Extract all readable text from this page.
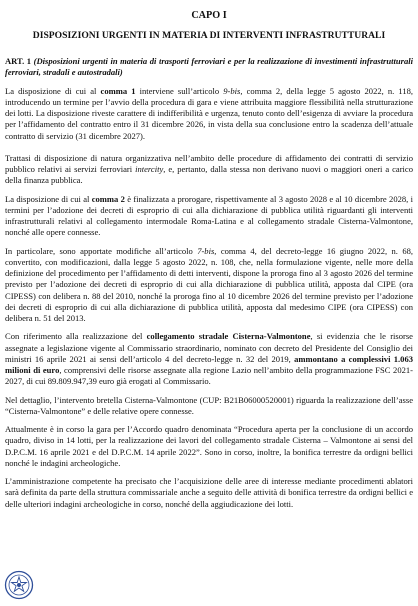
CAPO I
DISPOSIZIONI URGENTI IN MATERIA DI INTERVENTI INFRASTRUTTURALI

ART. 1 (Disposizioni urgenti in materia di trasporti ferroviari e per la realizzazione di investimenti infrastrutturali ferroviari, stradali e autostradali)

La disposizione di cui al comma 1 interviene sull’articolo 9-bis, comma 2, della legge 5 agosto 2022, n. 118, introducendo un termine per l’avvio della procedura di gara e viene attribuita maggiore flessibilità nella strutturazione dei lotti. La disposizione riveste carattere di indifferibilità e urgenza, tenuto conto dell’esigenza di avviare la procedura per l’affidamento del contratto entro il 31 dicembre 2026, in vista della sua conclusione entro la scadenza dell’attuale contratto di servizio (31 dicembre 2027).

Trattasi di disposizione di natura organizzativa nell’ambito delle procedure di affidamento dei contratti di servizio pubblico relativi ai servizi ferroviari intercity, e, pertanto, dalla stessa non derivano nuovi o maggiori oneri a carico della finanza pubblica.

La disposizione di cui al comma 2 è finalizzata a prorogare, rispettivamente al 3 agosto 2028 e al 10 dicembre 2028, i termini per l’adozione dei decreti di esproprio di cui alla dichiarazione di pubblica utilità riguardanti gli interventi infrastrutturali relativi al collegamento intermodale Roma-Latina e al collegamento stradale Cisterna-Valmontone, nonché alle opere connesse.

In particolare, sono apportate modifiche all’articolo 7-bis, comma 4, del decreto-legge 16 giugno 2022, n. 68, convertito, con modificazioni, dalla legge 5 agosto 2022, n. 108, che, nella formulazione vigente, nelle more della definizione del procedimento per l’affidamento di detti interventi, dispone la proroga fino al 3 agosto 2026 del termine previsto per l’adozione dei decreti di esproprio di cui alla dichiarazione di pubblica utilità, apposta dal CIPE (ora CIPESS) con delibera n. 88 del 2010, nonché la proroga fino al 10 dicembre 2026 del termine previsto per l’adozione dei decreti di esproprio di cui alla dichiarazione di pubblica utilità, apposta dal medesimo CIPE (ora CIPESS) con delibera n. 51 del 2013.

Con riferimento alla realizzazione del collegamento stradale Cisterna-Valmontone, si evidenzia che le risorse assegnate a legislazione vigente al Commissario straordinario, nominato con decreto del Presidente del Consiglio dei ministri 16 aprile 2021 ai sensi dell’articolo 4 del decreto-legge n. 32 del 2019, ammontano a complessivi 1.063 milioni di euro, comprensivi delle risorse assegnate alla regione Lazio nell’ambito della programmazione FSC 2021-2027, di cui 89.809.947,39 euro già erogati al Commissario.

Nel dettaglio, l’intervento bretella Cisterna-Valmontone (CUP: B21B06000520001) riguarda la realizzazione dell’asse “Cisterna-Valmontone” e delle relative opere connesse.

Attualmente è in corso la gara per l’Accordo quadro denominata “Procedura aperta per la conclusione di un accordo quadro, diviso in 14 lotti, per la realizzazione dei lavori del collegamento stradale Cisterna – Valmontone ai sensi del D.P.C.M. 16 aprile 2021 e del D.P.C.M. 14 aprile 2022”. Sono in corso, inoltre, la bonifica terrestre da ordigni bellici nonché le indagini archeologiche.

L’amministrazione competente ha precisato che l’acquisizione delle aree di interesse mediante procedimenti ablatori sarà definita da parte della struttura commissariale anche a seguito delle attività di bonifica terrestre da ordigni bellici e delle ulteriori indagini archeologiche in corso, nonché della aggiudicazione dei lotti.
